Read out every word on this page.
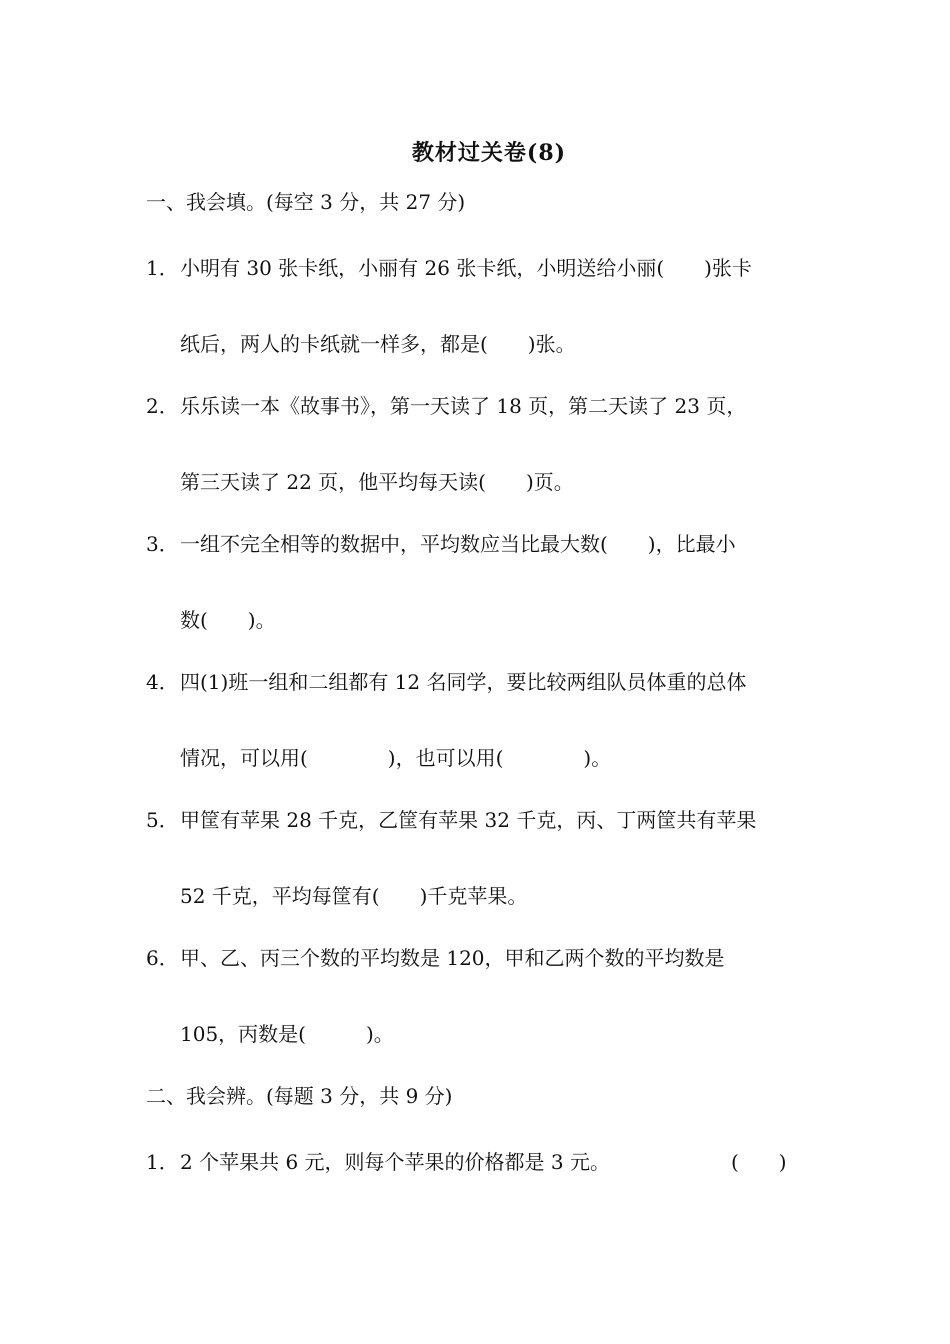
教材过关卷(8)
一、我会填。(每空 3 分，共 27 分)
1．小明有 30 张卡纸，小丽有 26 张卡纸，小明送给小丽(　　)张卡
纸后，两人的卡纸就一样多，都是(　　)张。
2．乐乐读一本《故事书》，第一天读了 18 页，第二天读了 23 页，
第三天读了 22 页，他平均每天读(　　)页。
3．一组不完全相等的数据中，平均数应当比最大数(　　)，比最小
数(　　)。
4．四(1)班一组和二组都有 12 名同学，要比较两组队员体重的总体
情况，可以用(　　　　)，也可以用(　　　　)。
5．甲筐有苹果 28 千克，乙筐有苹果 32 千克，丙、丁两筐共有苹果
52 千克，平均每筐有(　　)千克苹果。
6．甲、乙、丙三个数的平均数是 120，甲和乙两个数的平均数是
105，丙数是(　　　)。
二、我会辨。(每题 3 分，共 9 分)
1．2 个苹果共 6 元，则每个苹果的价格都是 3 元。	(　　)
